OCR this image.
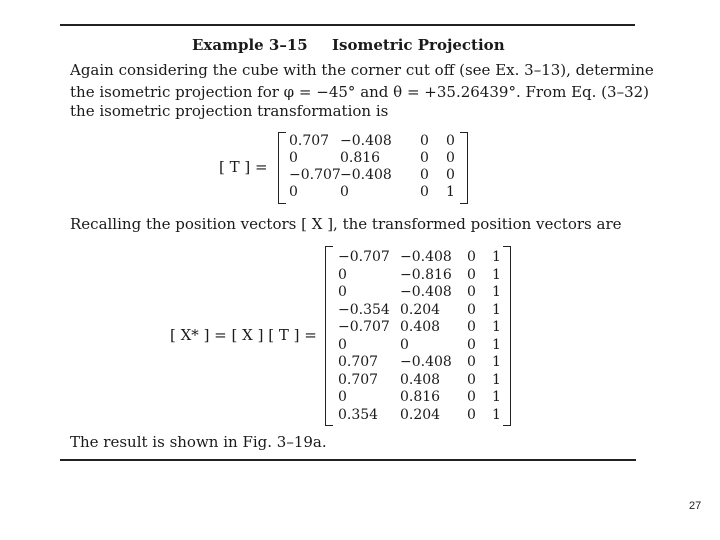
Example 3–15 Isometric Projection
Again considering the cube with the corner cut off (see Ex. 3–13), determine
the isometric projection for φ = −45° and θ = +35.26439°. From Eq. (3–32)
the isometric projection transformation is
[ T ] =
0.707 −0.408 0 0
0	0.816	0 0
−0.707 −0.408 0 0
0	0	0 1
Recalling the position vectors [ X ], the transformed position vectors are
[ X* ] = [ X ] [ T ] =
−0.707 −0.408 0 1
0	−0.816 0 1
0	−0.408 0 1
−0.354 0.204 0 1
−0.707 0.408 0 1
0	0	0 1
0.707 −0.408 0 1
0.707 0.408 0 1
0	0.816 0 1
0.354 0.204 0 1
The result is shown in Fig. 3–19a.
27
